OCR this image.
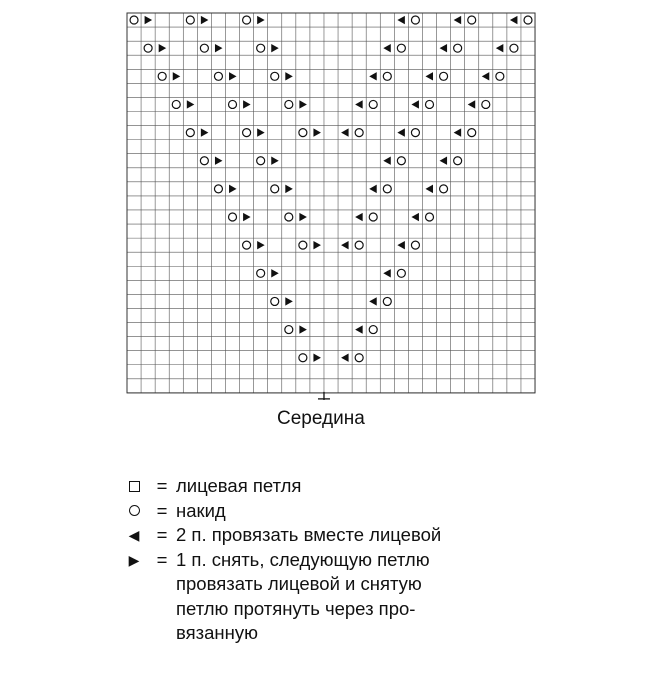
Середина
= лицевая петля
= накид
◀ = 2 п. провязать вместе лицевой
▶ = 1 п. снять, следующую петлю
провязать лицевой и снятую
петлю протянуть через про-
вязанную
